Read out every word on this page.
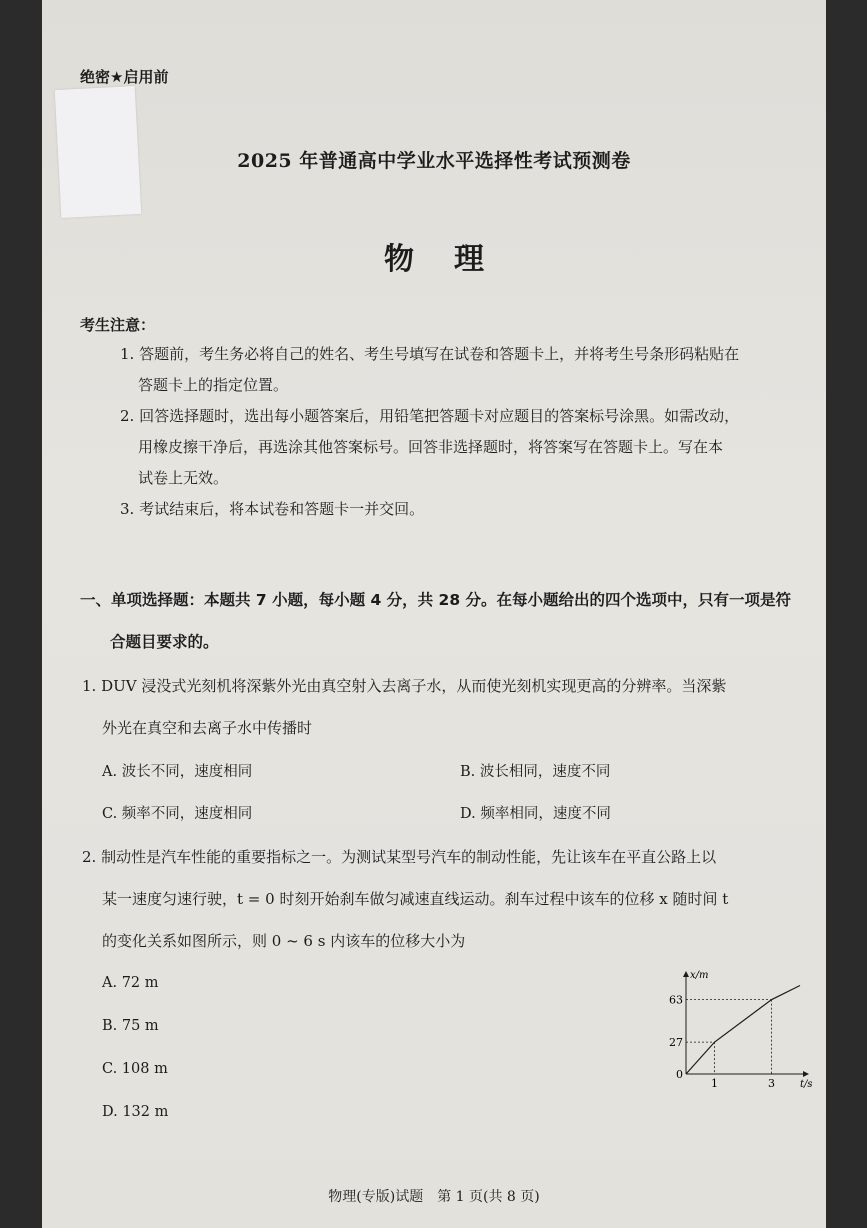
绝密★启用前
2025 年普通高中学业水平选择性考试预测卷
物理
考生注意：
1. 答题前，考生务必将自己的姓名、考生号填写在试卷和答题卡上，并将考生号条形码粘贴在
答题卡上的指定位置。
2. 回答选择题时，选出每小题答案后，用铅笔把答题卡对应题目的答案标号涂黑。如需改动，
用橡皮擦干净后，再选涂其他答案标号。回答非选择题时，将答案写在答题卡上。写在本
试卷上无效。
3. 考试结束后，将本试卷和答题卡一并交回。
一、单项选择题：本题共 7 小题，每小题 4 分，共 28 分。在每小题给出的四个选项中，只有一项是符
合题目要求的。
1. DUV 浸没式光刻机将深紫外光由真空射入去离子水，从而使光刻机实现更高的分辨率。当深紫
外光在真空和去离子水中传播时
A. 波长不同，速度相同	B. 波长相同，速度不同
C. 频率不同，速度相同	D. 频率相同，速度不同
2. 制动性是汽车性能的重要指标之一。为测试某型号汽车的制动性能，先让该车在平直公路上以
某一速度匀速行驶，t = 0 时刻开始刹车做匀减速直线运动。刹车过程中该车的位移 x 随时间 t
的变化关系如图所示，则 0 ~ 6 s 内该车的位移大小为
A. 72 m
B. 75 m
C. 108 m
D. 132 m
x/m
t/s
0
27
63
1	3
物理(专版)试题　第 1 页(共 8 页)
